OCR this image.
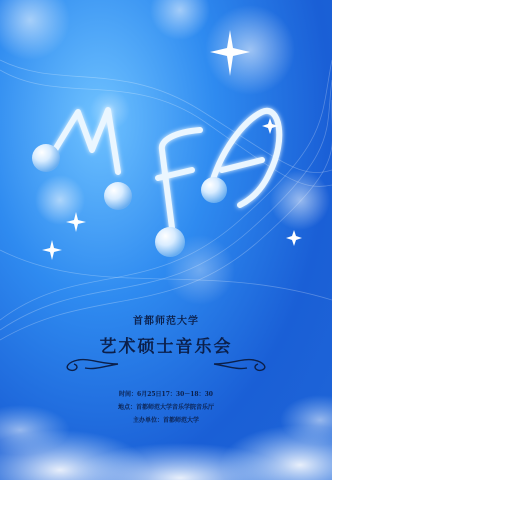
首都师范大学
艺术硕士音乐会
时间：6月25日17：30－18：30
地点：首都师范大学音乐学院音乐厅
主办单位：首都师范大学
